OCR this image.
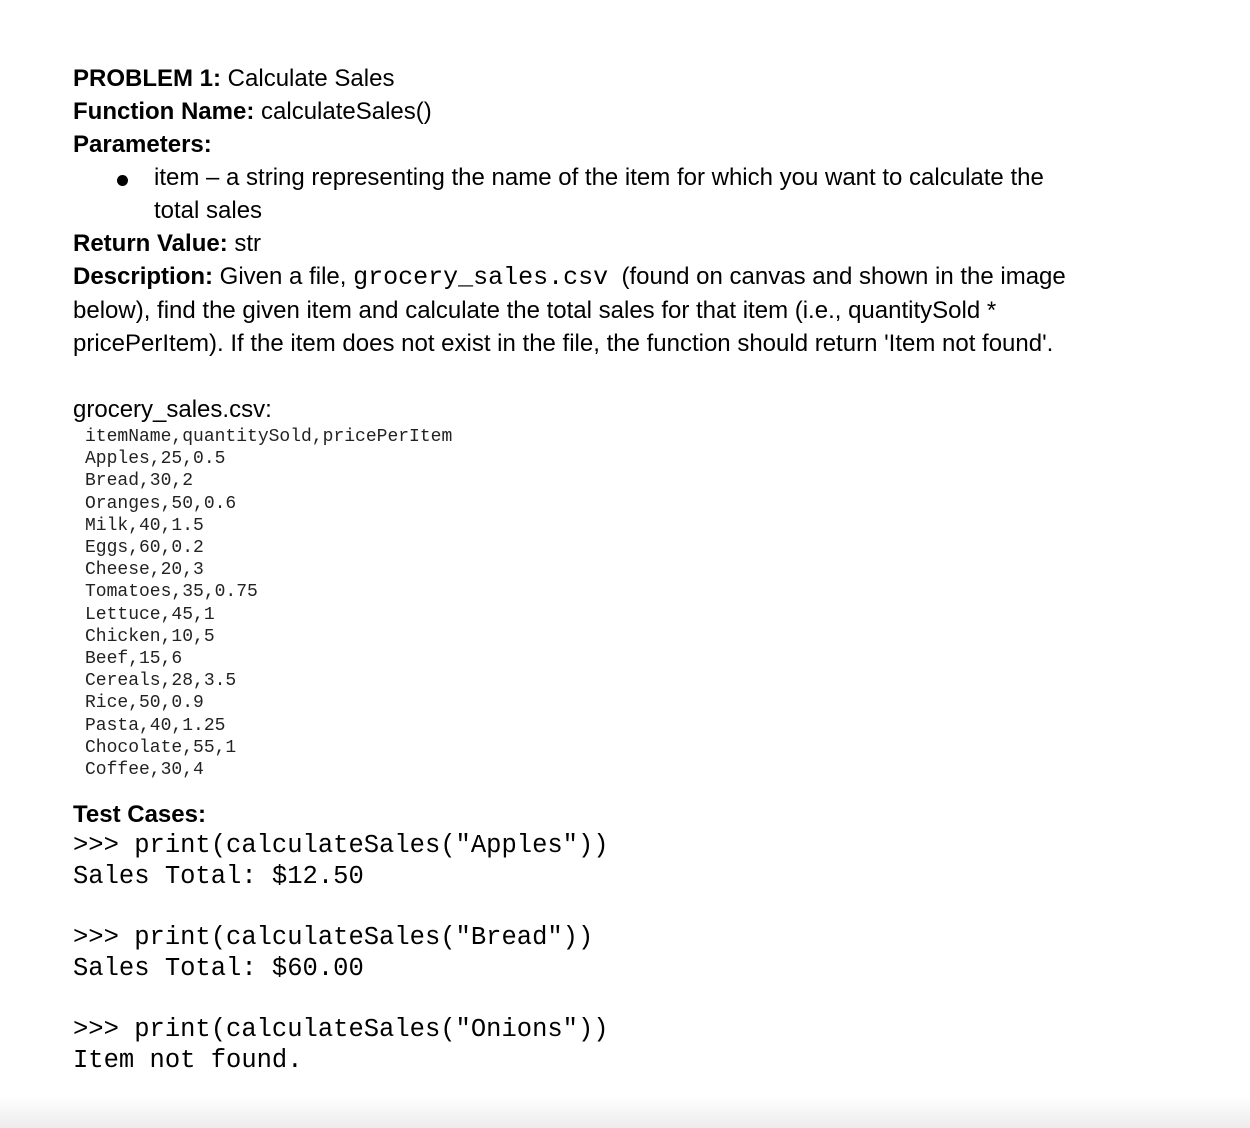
PROBLEM 1: Calculate Sales
Function Name: calculateSales()
Parameters:
item – a string representing the name of the item for which you want to calculate the
total sales
Return Value: str
Description: Given a file, grocery_sales.csv  (found on canvas and shown in the image
below), find the given item and calculate the total sales for that item (i.e., quantitySold *
pricePerItem). If the item does not exist in the file, the function should return 'Item not found'.
grocery_sales.csv:
itemName,quantitySold,pricePerItem
Apples,25,0.5
Bread,30,2
Oranges,50,0.6
Milk,40,1.5
Eggs,60,0.2
Cheese,20,3
Tomatoes,35,0.75
Lettuce,45,1
Chicken,10,5
Beef,15,6
Cereals,28,3.5
Rice,50,0.9
Pasta,40,1.25
Chocolate,55,1
Coffee,30,4
Test Cases:
>>> print(calculateSales("Apples"))
Sales Total: $12.50
>>> print(calculateSales("Bread"))
Sales Total: $60.00
>>> print(calculateSales("Onions"))
Item not found.
